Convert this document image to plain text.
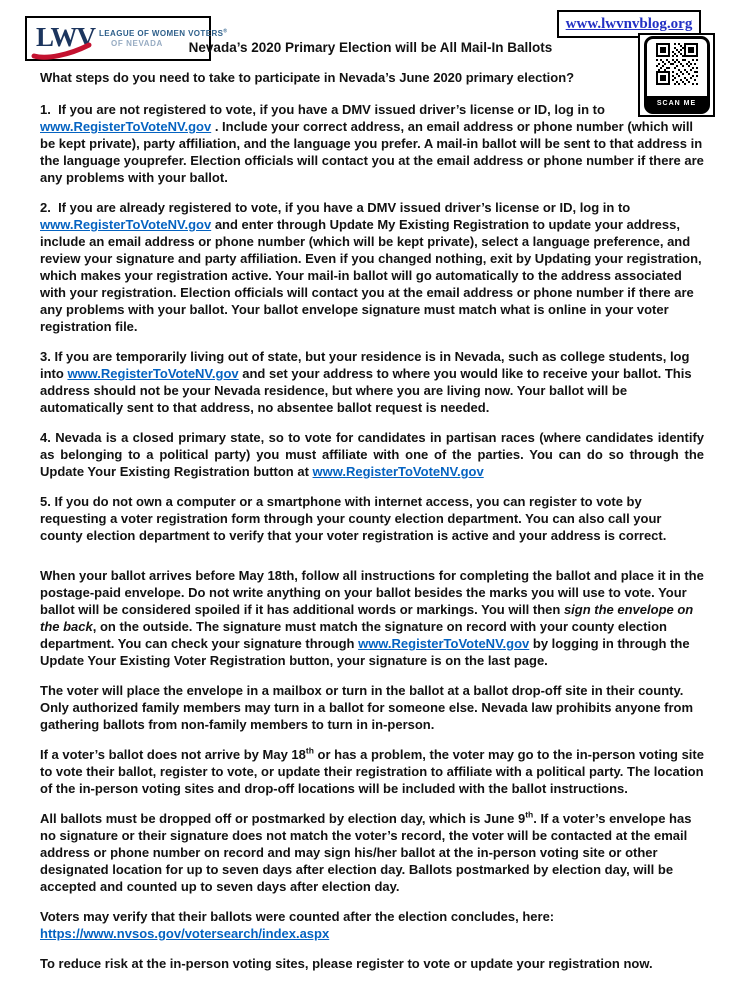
LWV LEAGUE OF WOMEN VOTERS®
OF NEVADA	Nevada’s 2020 Primary Election will be All Mail-In Ballots
www.lwvnvblog.org
SCAN ME

What steps do you need to take to participate in Nevada’s June 2020 primary election?

1.  If you are not registered to vote, if you have a DMV issued driver’s license or ID, log in to www.RegisterToVoteNV.gov . Include your correct address, an email address or phone number (which will be kept private), party affiliation, and the language you prefer. A mail-in ballot will be sent to that address in the language youprefer. Election officials will contact you at the email address or phone number if there are any problems with your ballot.

2.  If you are already registered to vote, if you have a DMV issued driver’s license or ID, log in to www.RegisterToVoteNV.gov and enter through Update My Existing Registration to update your address, include an email address or phone number (which will be kept private), select a language preference, and review your signature and party affiliation. Even if you changed nothing, exit by Updating your registration, which makes your registration active. Your mail-in ballot will go automatically to the address associated with your registration. Election officials will contact you at the email address or phone number if there are any problems with your ballot. Your ballot envelope signature must match what is online in your voter registration file.

3. If you are temporarily living out of state, but your residence is in Nevada, such as college students, log into www.RegisterToVoteNV.gov and set your address to where you would like to receive your ballot. This address should not be your Nevada residence, but where you are living now. Your ballot will be automatically sent to that address, no absentee ballot request is needed.

4. Nevada is a closed primary state, so to vote for candidates in partisan races (where candidates identify as belonging to a political party) you must affiliate with one of the parties. You can do so through the Update Your Existing Registration button at www.RegisterToVoteNV.gov

5. If you do not own a computer or a smartphone with internet access, you can register to vote by requesting a voter registration form through your county election department. You can also call your county election department to verify that your voter registration is active and your address is correct.

When your ballot arrives before May 18th, follow all instructions for completing the ballot and place it in the postage-paid envelope. Do not write anything on your ballot besides the marks you will use to vote. Your ballot will be considered spoiled if it has additional words or markings. You will then sign the envelope on the back, on the outside. The signature must match the signature on record with your county election department. You can check your signature through www.RegisterToVoteNV.gov by logging in through the Update Your Existing Voter Registration button, your signature is on the last page.

The voter will place the envelope in a mailbox or turn in the ballot at a ballot drop-off site in their county. Only authorized family members may turn in a ballot for someone else. Nevada law prohibits anyone from gathering ballots from non-family members to turn in in-person.

If a voter’s ballot does not arrive by May 18th or has a problem, the voter may go to the in-person voting site to vote their ballot, register to vote, or update their registration to affiliate with a political party. The location of the in-person voting sites and drop-off locations will be included with the ballot instructions.

All ballots must be dropped off or postmarked by election day, which is June 9th. If a voter’s envelope has no signature or their signature does not match the voter’s record, the voter will be contacted at the email address or phone number on record and may sign his/her ballot at the in-person voting site or other designated location for up to seven days after election day. Ballots postmarked by election day, will be accepted and counted up to seven days after election day.

Voters may verify that their ballots were counted after the election concludes, here:
https://www.nvsos.gov/votersearch/index.aspx

To reduce risk at the in-person voting sites, please register to vote or update your registration now.
